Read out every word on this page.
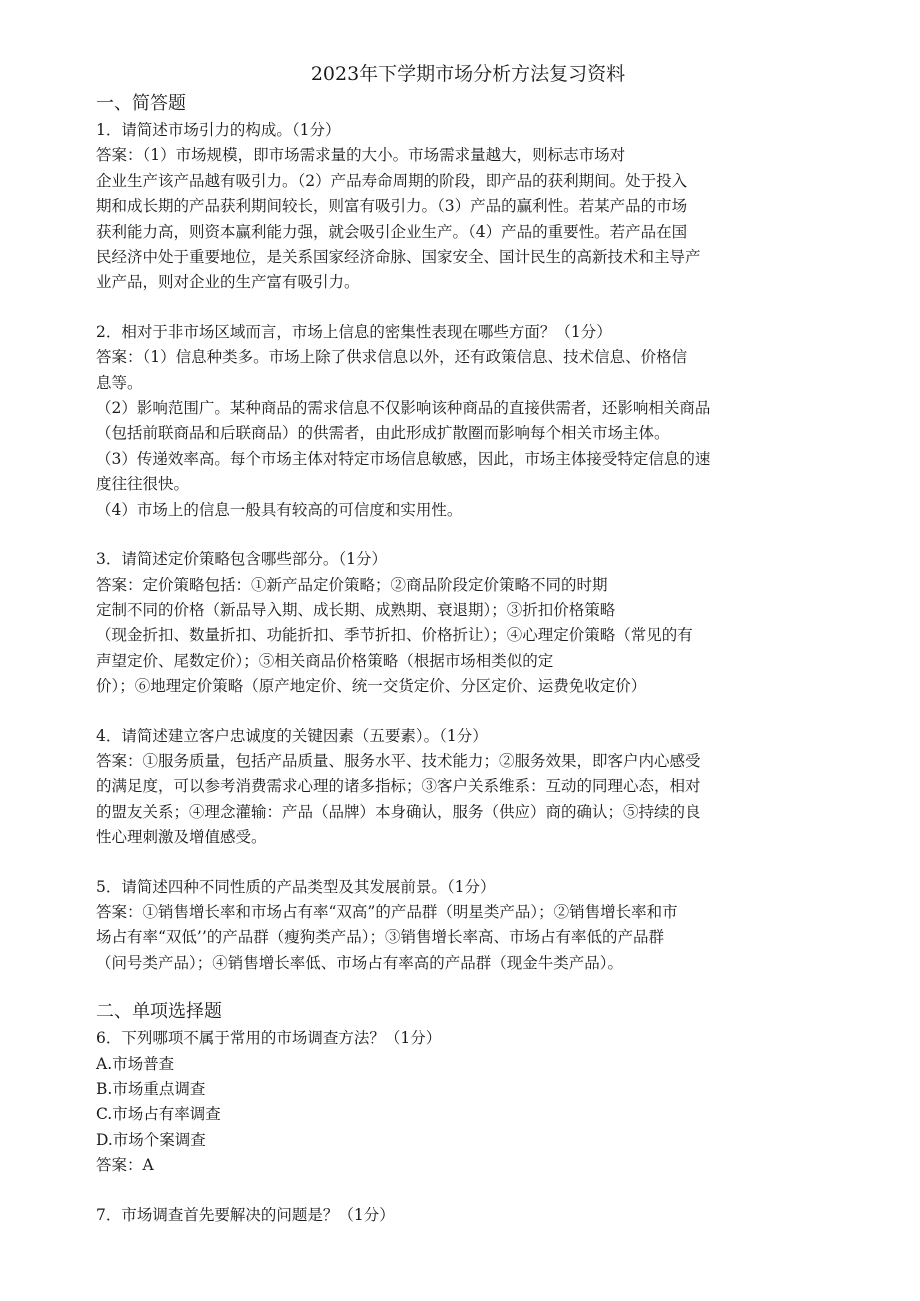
2023年下学期市场分析方法复习资料
一、简答题
1．请简述市场引力的构成。（1分）
答案：（1）市场规模，即市场需求量的大小。市场需求量越大，则标志市场对
企业生产该产品越有吸引力。（2）产品寿命周期的阶段，即产品的获利期间。处于投入
期和成长期的产品获利期间较长，则富有吸引力。（3）产品的赢利性。若某产品的市场
获利能力高，则资本赢利能力强，就会吸引企业生产。（4）产品的重要性。若产品在国
民经济中处于重要地位，是关系国家经济命脉、国家安全、国计民生的高新技术和主导产
业产品，则对企业的生产富有吸引力。
2．相对于非市场区域而言，市场上信息的密集性表现在哪些方面？（1分）
答案：（1）信息种类多。市场上除了供求信息以外，还有政策信息、技术信息、价格信
息等。
（2）影响范围广。某种商品的需求信息不仅影响该种商品的直接供需者，还影响相关商品
（包括前联商品和后联商品）的供需者，由此形成扩散圈而影响每个相关市场主体。
（3）传递效率高。每个市场主体对特定市场信息敏感，因此，市场主体接受特定信息的速
度往往很快。
（4）市场上的信息一般具有较高的可信度和实用性。
3．请简述定价策略包含哪些部分。（1分）
答案：定价策略包括：①新产品定价策略；②商品阶段定价策略不同的时期
定制不同的价格（新品导入期、成长期、成熟期、衰退期）；③折扣价格策略
（现金折扣、数量折扣、功能折扣、季节折扣、价格折让）；④心理定价策略（常见的有
声望定价、尾数定价）；⑤相关商品价格策略（根据市场相类似的定
价）；⑥地理定价策略（原产地定价、统一交货定价、分区定价、运费免收定价）
4．请简述建立客户忠诚度的关键因素（五要素）。（1分）
答案：①服务质量，包括产品质量、服务水平、技术能力；②服务效果，即客户内心感受
的满足度，可以参考消费需求心理的诸多指标；③客户关系维系：互动的同理心态，相对
的盟友关系；④理念灌输：产品（品牌）本身确认，服务（供应）商的确认；⑤持续的良
性心理刺激及增值感受。
5．请简述四种不同性质的产品类型及其发展前景。（1分）
答案：①销售增长率和市场占有率“双高”的产品群（明星类产品）；②销售增长率和市
场占有率“双低’’的产品群（瘦狗类产品）；③销售增长率高、市场占有率低的产品群
（问号类产品）；④销售增长率低、市场占有率高的产品群（现金牛类产品）。
二、单项选择题
6．下列哪项不属于常用的市场调查方法？（1分）
A.市场普查
B.市场重点调查
C.市场占有率调查
D.市场个案调查
答案：A
7．市场调查首先要解决的问题是？（1分）
